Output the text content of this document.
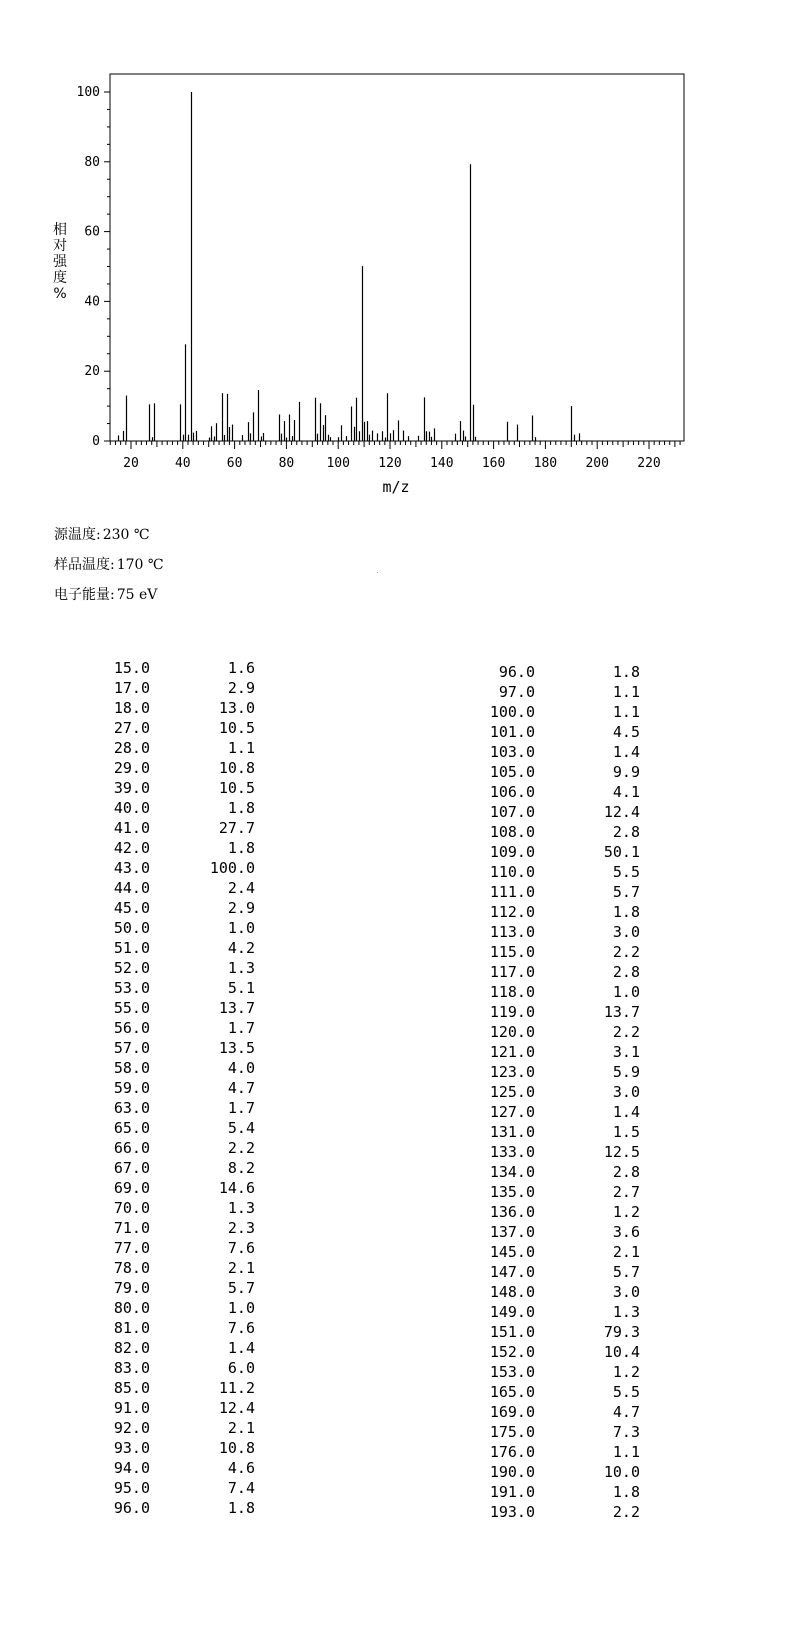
0
20
40
60
80
100
20	40	60	80 100 120 140 160 180 200 220
m/z
相
对
强
度
%
源温度: 230 ℃
样品温度: 170 ℃
电子能量: 75 eV
15.0	1.6
17.0	2.9
18.0	13.0
27.0	10.5
28.0	1.1
29.0	10.8
39.0	10.5
40.0	1.8
41.0	27.7
42.0	1.8
43.0	100.0
44.0	2.4
45.0	2.9
50.0	1.0
51.0	4.2
52.0	1.3
53.0	5.1
55.0	13.7
56.0	1.7
57.0	13.5
58.0	4.0
59.0	4.7
63.0	1.7
65.0	5.4
66.0	2.2
67.0	8.2
69.0	14.6
70.0	1.3
71.0	2.3
77.0	7.6
78.0	2.1
79.0	5.7
80.0	1.0
81.0	7.6
82.0	1.4
83.0	6.0
85.0	11.2
91.0	12.4
92.0	2.1
93.0	10.8
94.0	4.6
95.0	7.4
96.0	1.8
96.0	1.8
97.0	1.1
100.0	1.1
101.0	4.5
103.0	1.4
105.0	9.9
106.0	4.1
107.0	12.4
108.0	2.8
109.0	50.1
110.0	5.5
111.0	5.7
112.0	1.8
113.0	3.0
115.0	2.2
117.0	2.8
118.0	1.0
119.0	13.7
120.0	2.2
121.0	3.1
123.0	5.9
125.0	3.0
127.0	1.4
131.0	1.5
133.0	12.5
134.0	2.8
135.0	2.7
136.0	1.2
137.0	3.6
145.0	2.1
147.0	5.7
148.0	3.0
149.0	1.3
151.0	79.3
152.0	10.4
153.0	1.2
165.0	5.5
169.0	4.7
175.0	7.3
176.0	1.1
190.0	10.0
191.0	1.8
193.0	2.2
